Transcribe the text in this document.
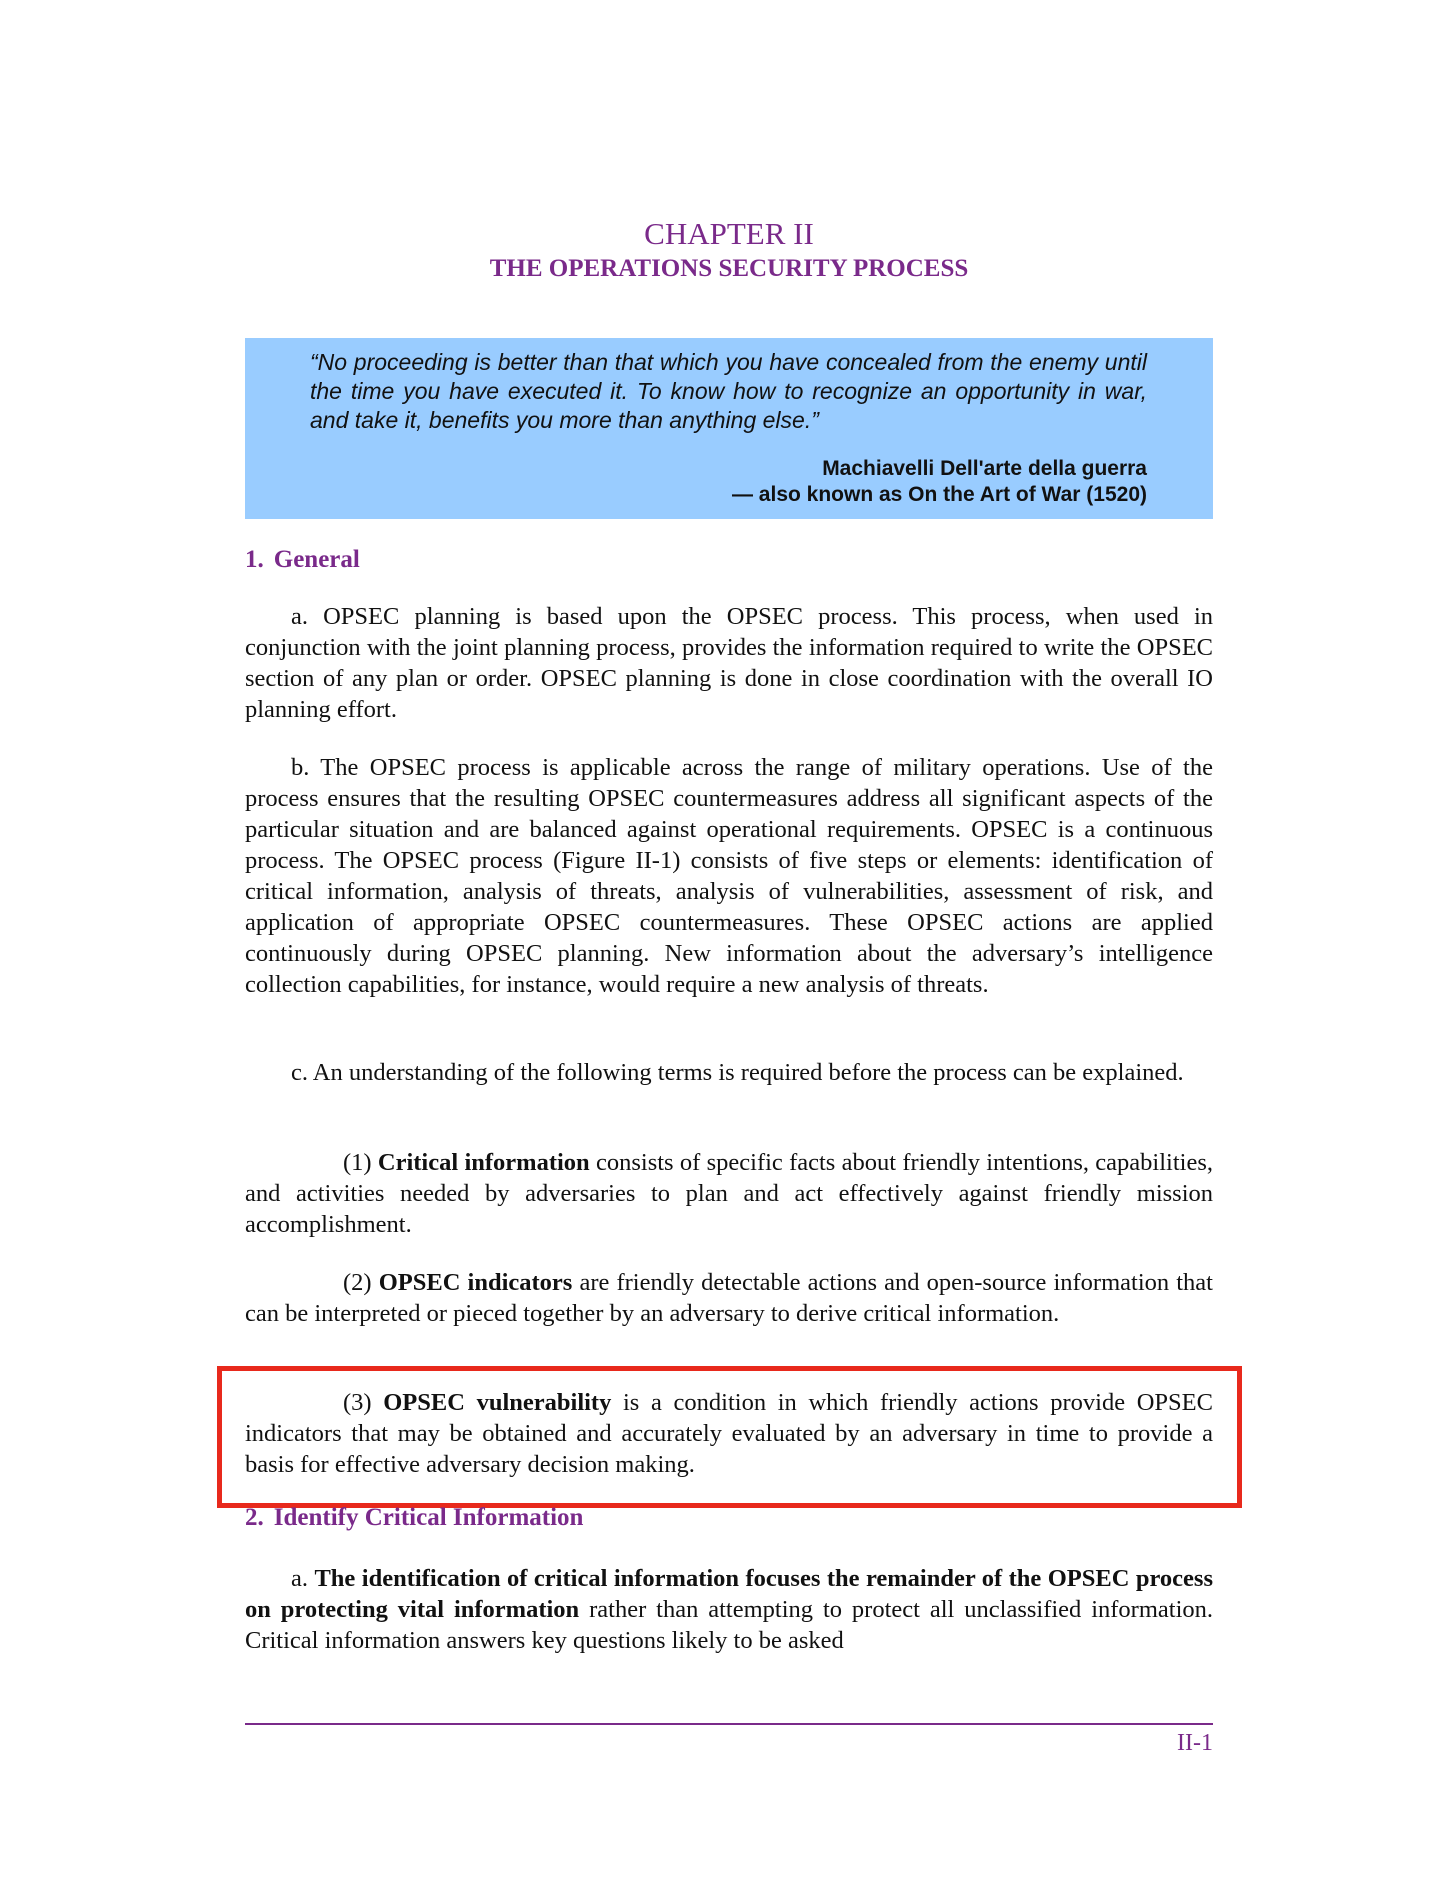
CHAPTER II
THE OPERATIONS SECURITY PROCESS
“No proceeding is better than that which you have concealed from the enemy until the time you have executed it. To know how to recognize an opportunity in war, and take it, benefits you more than anything else.”
Machiavelli Dell'arte della guerra
— also known as On the Art of War (1520)
1. General
a. OPSEC planning is based upon the OPSEC process. This process, when used in conjunction with the joint planning process, provides the information required to write the OPSEC section of any plan or order. OPSEC planning is done in close coordination with the overall IO planning effort.
b. The OPSEC process is applicable across the range of military operations. Use of the process ensures that the resulting OPSEC countermeasures address all significant aspects of the particular situation and are balanced against operational requirements. OPSEC is a continuous process. The OPSEC process (Figure II-1) consists of five steps or elements: identification of critical information, analysis of threats, analysis of vulnerabilities, assessment of risk, and application of appropriate OPSEC countermeasures. These OPSEC actions are applied continuously during OPSEC planning. New information about the adversary’s intelligence collection capabilities, for instance, would require a new analysis of threats.
c. An understanding of the following terms is required before the process can be explained.
(1) Critical information consists of specific facts about friendly intentions, capabilities, and activities needed by adversaries to plan and act effectively against friendly mission accomplishment.
(2) OPSEC indicators are friendly detectable actions and open-source information that can be interpreted or pieced together by an adversary to derive critical information.
(3) OPSEC vulnerability is a condition in which friendly actions provide OPSEC indicators that may be obtained and accurately evaluated by an adversary in time to provide a basis for effective adversary decision making.
2. Identify Critical Information
a. The identification of critical information focuses the remainder of the OPSEC process on protecting vital information rather than attempting to protect all unclassified information. Critical information answers key questions likely to be asked
II-1
